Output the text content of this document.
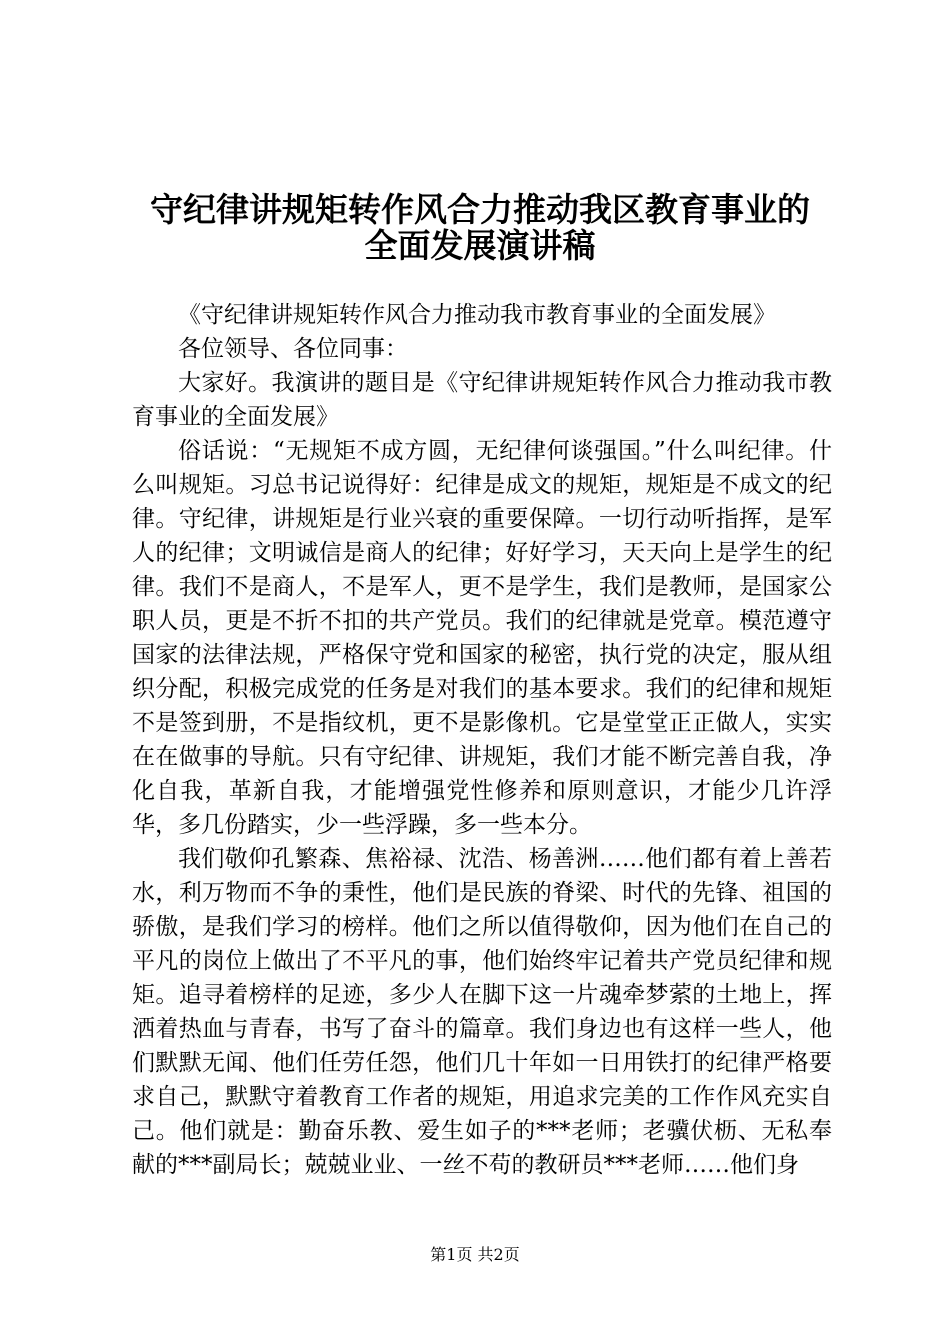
守纪律讲规矩转作风合力推动我区教育事业的
全面发展演讲稿

《守纪律讲规矩转作风合力推动我市教育事业的全面发展》

各位领导、各位同事：

大家好。我演讲的题目是《守纪律讲规矩转作风合力推动我市教育事业的全面发展》

俗话说：“无规矩不成方圆，无纪律何谈强国。”什么叫纪律。什么叫规矩。习总书记说得好：纪律是成文的规矩，规矩是不成文的纪律。守纪律，讲规矩是行业兴衰的重要保障。一切行动听指挥，是军人的纪律；文明诚信是商人的纪律；好好学习，天天向上是学生的纪律。我们不是商人，不是军人，更不是学生，我们是教师，是国家公职人员，更是不折不扣的共产党员。我们的纪律就是党章。模范遵守国家的法律法规，严格保守党和国家的秘密，执行党的决定，服从组织分配，积极完成党的任务是对我们的基本要求。我们的纪律和规矩不是签到册，不是指纹机，更不是影像机。它是堂堂正正做人，实实在在做事的导航。只有守纪律、讲规矩，我们才能不断完善自我，净化自我，革新自我，才能增强党性修养和原则意识，才能少几许浮华，多几份踏实，少一些浮躁，多一些本分。

我们敬仰孔繁森、焦裕禄、沈浩、杨善洲……他们都有着上善若水，利万物而不争的秉性，他们是民族的脊梁、时代的先锋、祖国的骄傲，是我们学习的榜样。他们之所以值得敬仰，因为他们在自己的平凡的岗位上做出了不平凡的事，他们始终牢记着共产党员纪律和规矩。追寻着榜样的足迹，多少人在脚下这一片魂牵梦萦的土地上，挥洒着热血与青春，书写了奋斗的篇章。我们身边也有这样一些人，他们默默无闻、他们任劳任怨，他们几十年如一日用铁打的纪律严格要求自己，默默守着教育工作者的规矩，用追求完美的工作作风充实自己。他们就是：勤奋乐教、爱生如子的***老师；老骥伏枥、无私奉献的***副局长；兢兢业业、一丝不苟的教研员***老师……他们身

第1页 共2页
